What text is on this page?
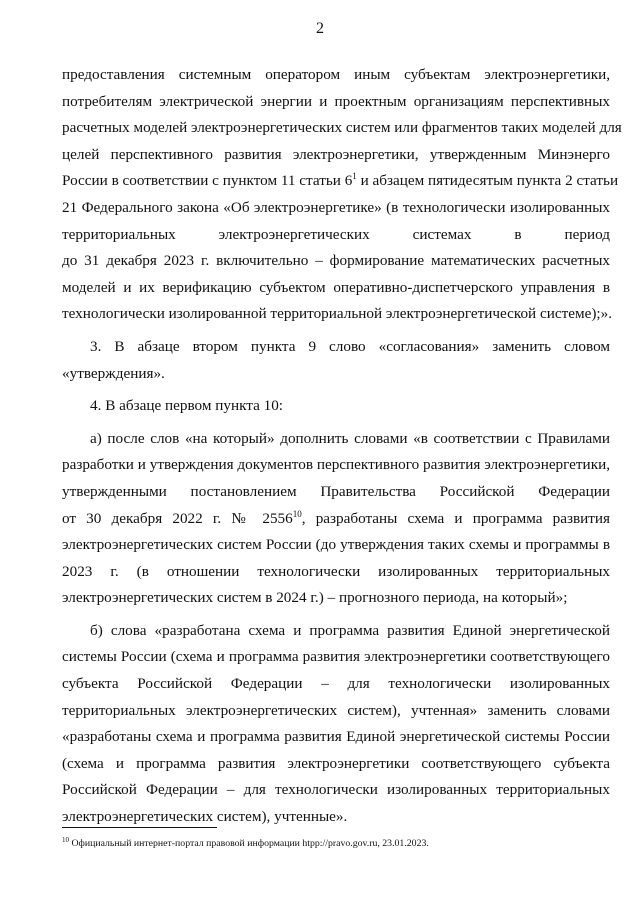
2
предоставления системным оператором иным субъектам электроэнергетики,
потребителям электрической энергии и проектным организациям перспективных
расчетных моделей электроэнергетических систем или фрагментов таких моделей для
целей перспективного развития электроэнергетики, утвержденным Минэнерго
России в соответствии с пунктом 11 статьи $6^1$ и абзацем пятидесятым пункта 2 статьи
21 Федерального закона «Об электроэнергетике» (в технологически изолированных
территориальных электроэнергетических системах в период
до 31 декабря 2023 г. включительно – формирование математических расчетных
моделей и их верификацию субъектом оперативно-диспетчерского управления в
технологически изолированной территориальной электроэнергетической системе);».
3. В абзаце втором пункта 9 слово «согласования» заменить словом
«утверждения».
4. В абзаце первом пункта 10:
а) после слов «на который» дополнить словами «в соответствии с Правилами
разработки и утверждения документов перспективного развития электроэнергетики,
утвержденными постановлением Правительства Российской Федерации
от 30 декабря 2022 г. № 2556$^{10}$, разработаны схема и программа развития
электроэнергетических систем России (до утверждения таких схемы и программы в
2023 г. (в отношении технологически изолированных территориальных
электроэнергетических систем в 2024 г.) – прогнозного периода, на который»;
б) слова «разработана схема и программа развития Единой энергетической
системы России (схема и программа развития электроэнергетики соответствующего
субъекта Российской Федерации – для технологически изолированных
территориальных электроэнергетических систем), учтенная» заменить словами
«разработаны схема и программа развития Единой энергетической системы России
(схема и программа развития электроэнергетики соответствующего субъекта
Российской Федерации – для технологически изолированных территориальных
электроэнергетических систем), учтенные».
$^{10}$ Официальный интернет-портал правовой информации htpp://pravo.gov.ru, 23.01.2023.
